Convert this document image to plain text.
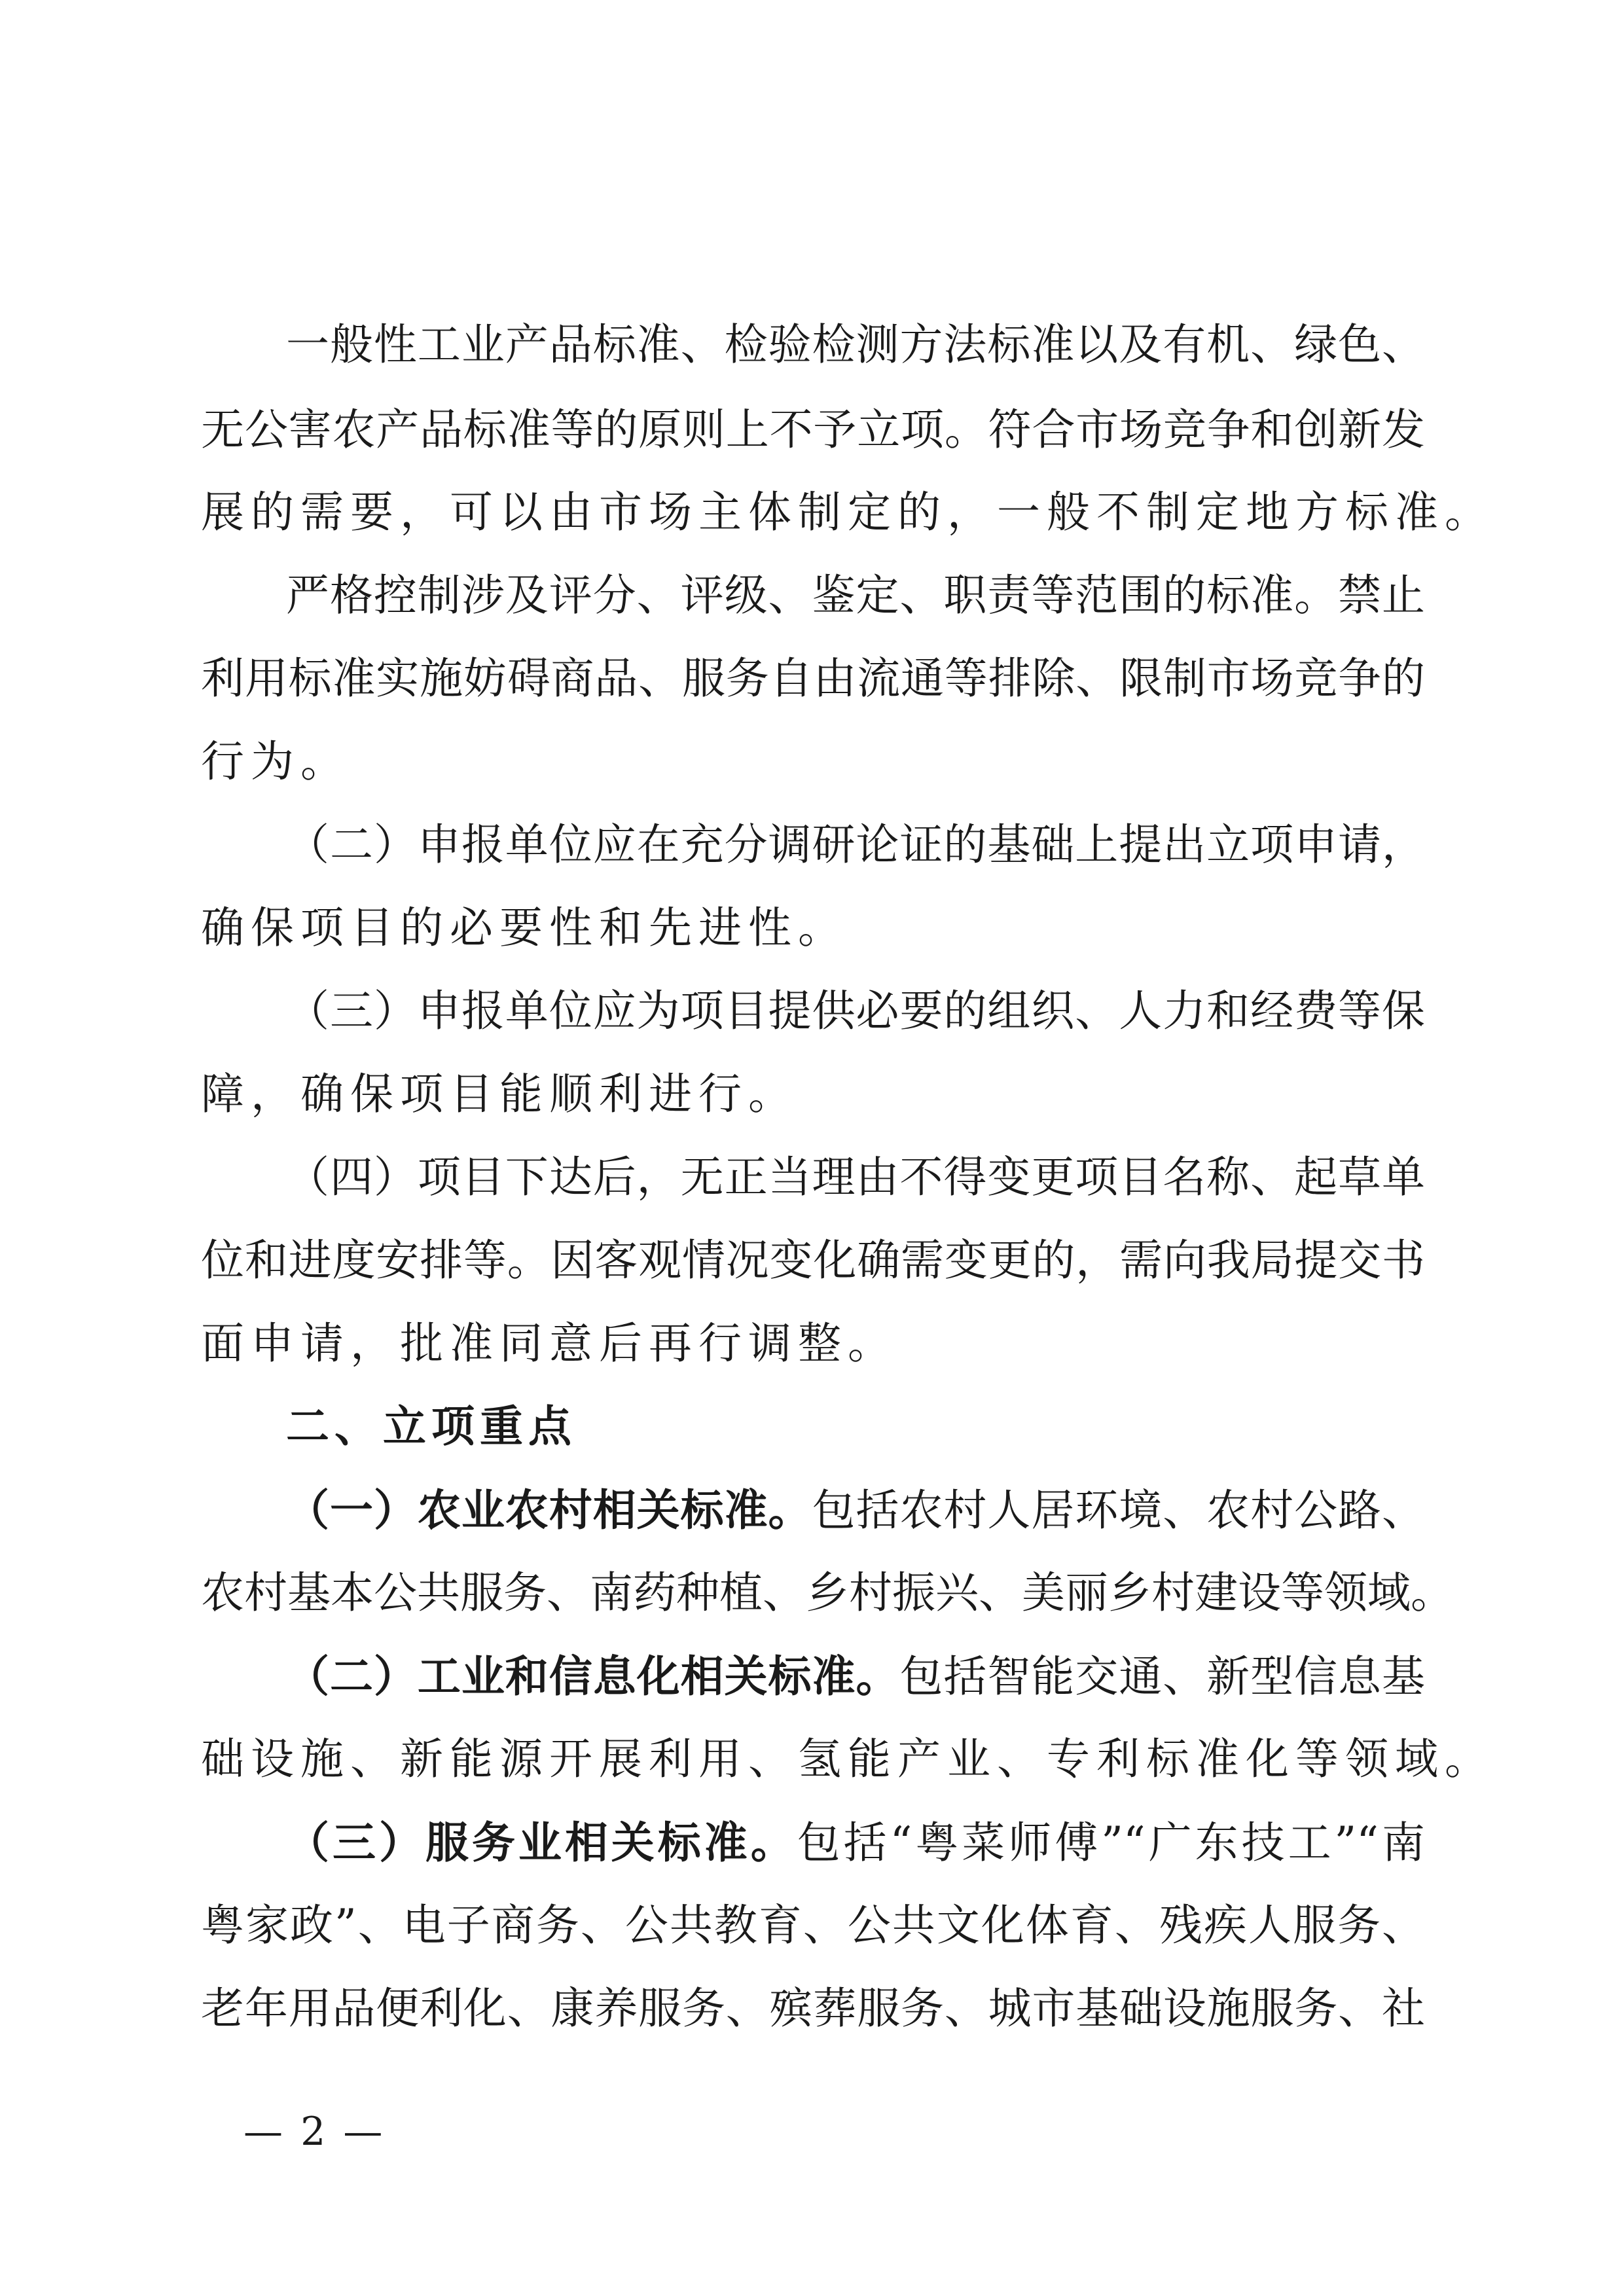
一般性工业产品标准、检验检测方法标准以及有机、绿色、
无公害农产品标准等的原则上不予立项。符合市场竞争和创新发
展的需要，可以由市场主体制定的，一般不制定地方标准。
严格控制涉及评分、评级、鉴定、职责等范围的标准。禁止
利用标准实施妨碍商品、服务自由流通等排除、限制市场竞争的
行为。
（二）申报单位应在充分调研论证的基础上提出立项申请，
确保项目的必要性和先进性。
（三）申报单位应为项目提供必要的组织、人力和经费等保
障，确保项目能顺利进行。
（四）项目下达后，无正当理由不得变更项目名称、起草单
位和进度安排等。因客观情况变化确需变更的，需向我局提交书
面申请，批准同意后再行调整。
二、立项重点
（一）农业农村相关标准。包括农村人居环境、农村公路、
农村基本公共服务、南药种植、乡村振兴、美丽乡村建设等领域。
（二）工业和信息化相关标准。包括智能交通、新型信息基
础设施、新能源开展利用、氢能产业、专利标准化等领域。
（三）服务业相关标准。包括“粤菜师傅”“广东技工”“南
粤家政”、电子商务、公共教育、公共文化体育、残疾人服务、
老年用品便利化、康养服务、殡葬服务、城市基础设施服务、社
— 2 —
